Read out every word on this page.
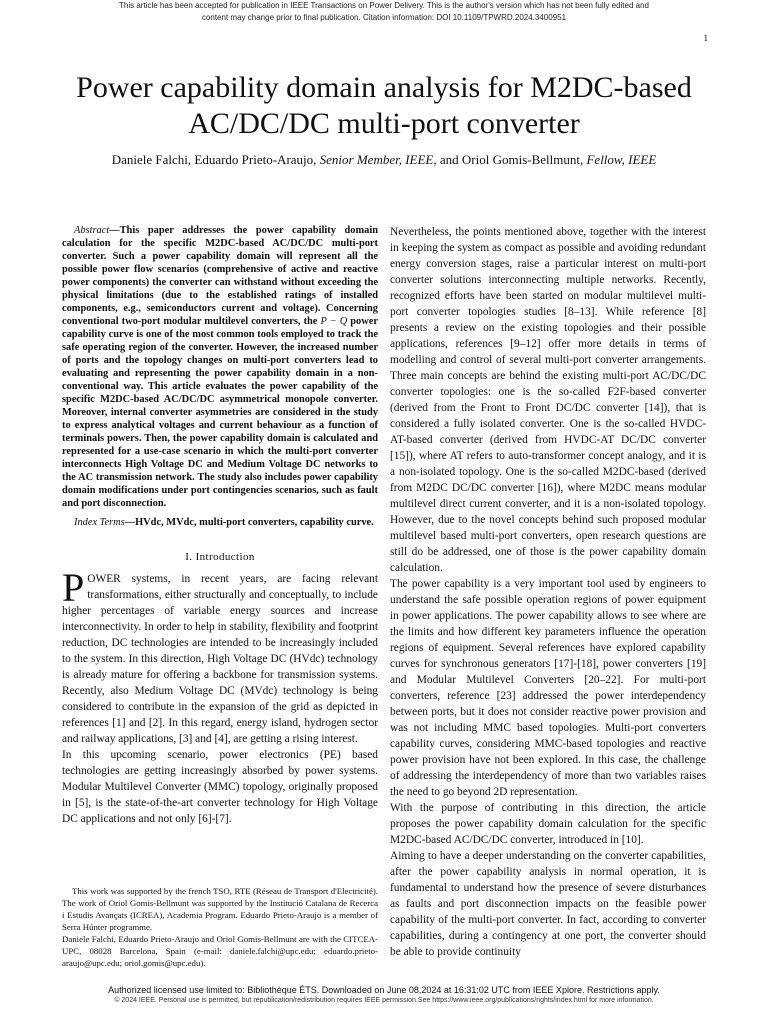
This article has been accepted for publication in IEEE Transactions on Power Delivery. This is the author's version which has not been fully edited and
content may change prior to final publication. Citation information: DOI 10.1109/TPWRD.2024.3400951
1
Power capability domain analysis for M2DC-based AC/DC/DC multi-port converter
Daniele Falchi, Eduardo Prieto-Araujo, Senior Member, IEEE, and Oriol Gomis-Bellmunt, Fellow, IEEE

Abstract—This paper addresses the power capability domain calculation for the specific M2DC-based AC/DC/DC multi-port converter. Such a power capability domain will represent all the possible power flow scenarios (comprehensive of active and reactive power components) the converter can withstand without exceeding the physical limitations (due to the established ratings of installed components, e.g., semiconductors current and voltage). Concerning conventional two-port modular multilevel converters, the P − Q power capability curve is one of the most common tools employed to track the safe operating region of the converter. However, the increased number of ports and the topology changes on multi-port converters lead to evaluating and representing the power capability domain in a non-conventional way. This article evaluates the power capability of the specific M2DC-based AC/DC/DC asymmetrical monopole converter. Moreover, internal converter asymmetries are considered in the study to express analytical voltages and current behaviour as a function of terminals powers. Then, the power capability domain is calculated and represented for a use-case scenario in which the multi-port converter interconnects High Voltage DC and Medium Voltage DC networks to the AC transmission network. The study also includes power capability domain modifications under port contingencies scenarios, such as fault and port disconnection.

Index Terms—HVdc, MVdc, multi-port converters, capability curve.

I. Introduction

POWER systems, in recent years, are facing relevant transformations, either structurally and conceptually, to include higher percentages of variable energy sources and increase interconnectivity. In order to help in stability, flexibility and footprint reduction, DC technologies are intended to be increasingly included to the system. In this direction, High Voltage DC (HVdc) technology is already mature for offering a backbone for transmission systems. Recently, also Medium Voltage DC (MVdc) technology is being considered to contribute in the expansion of the grid as depicted in references [1] and [2]. In this regard, energy island, hydrogen sector and railway applications, [3] and [4], are getting a rising interest.

In this upcoming scenario, power electronics (PE) based technologies are getting increasingly absorbed by power systems. Modular Multilevel Converter (MMC) topology, originally proposed in [5], is the state-of-the-art converter technology for High Voltage DC applications and not only [6]-[7].

This work was supported by the french TSO, RTE (Réseau de Transport d'Electricité). The work of Oriol Gomis-Bellmunt was supported by the Institució Catalana de Recerca i Estudis Avançats (ICREA), Academia Program. Eduardo Prieto-Araujo is a member of Serra Húnter programme.

Daniele Falchi, Eduardo Prieto-Araujo and Oriol Gomis-Bellmunt are with the CITCEA-UPC, 08028 Barcelona, Spain (e-mail: daniele.falchi@upc.edu; eduardo.prieto-araujo@upc.edu; oriol.gomis@upc.edu).

Nevertheless, the points mentioned above, together with the interest in keeping the system as compact as possible and avoiding redundant energy conversion stages, raise a particular interest on multi-port converter solutions interconnecting multiple networks. Recently, recognized efforts have been started on modular multilevel multi-port converter topologies studies [8–13]. While reference [8] presents a review on the existing topologies and their possible applications, references [9–12] offer more details in terms of modelling and control of several multi-port converter arrangements. Three main concepts are behind the existing multi-port AC/DC/DC converter topologies: one is the so-called F2F-based converter (derived from the Front to Front DC/DC converter [14]), that is considered a fully isolated converter. One is the so-called HVDC-AT-based converter (derived from HVDC-AT DC/DC converter [15]), where AT refers to auto-transformer concept analogy, and it is a non-isolated topology. One is the so-called M2DC-based (derived from M2DC DC/DC converter [16]), where M2DC means modular multilevel direct current converter, and it is a non-isolated topology. However, due to the novel concepts behind such proposed modular multilevel based multi-port converters, open research questions are still do be addressed, one of those is the power capability domain calculation.

The power capability is a very important tool used by engineers to understand the safe possible operation regions of power equipment in power applications. The power capability allows to see where are the limits and how different key parameters influence the operation regions of equipment. Several references have explored capability curves for synchronous generators [17]-[18], power converters [19] and Modular Multilevel Converters [20–22]. For multi-port converters, reference [23] addressed the power interdependency between ports, but it does not consider reactive power provision and was not including MMC based topologies. Multi-port converters capability curves, considering MMC-based topologies and reactive power provision have not been explored. In this case, the challenge of addressing the interdependency of more than two variables raises the need to go beyond 2D representation.

With the purpose of contributing in this direction, the article proposes the power capability domain calculation for the specific M2DC-based AC/DC/DC converter, introduced in [10].

Aiming to have a deeper understanding on the converter capabilities, after the power capability analysis in normal operation, it is fundamental to understand how the presence of severe disturbances as faults and port disconnection impacts on the feasible power capability of the multi-port converter. In fact, according to converter capabilities, during a contingency at one port, the converter should be able to provide continuity

Authorized licensed use limited to: Bibliothèque ÉTS. Downloaded on June 08,2024 at 16:31:02 UTC from IEEE Xplore. Restrictions apply.
© 2024 IEEE. Personal use is permitted, but republication/redistribution requires IEEE permission.See https://www.ieee.org/publications/rights/index.html for more information.
